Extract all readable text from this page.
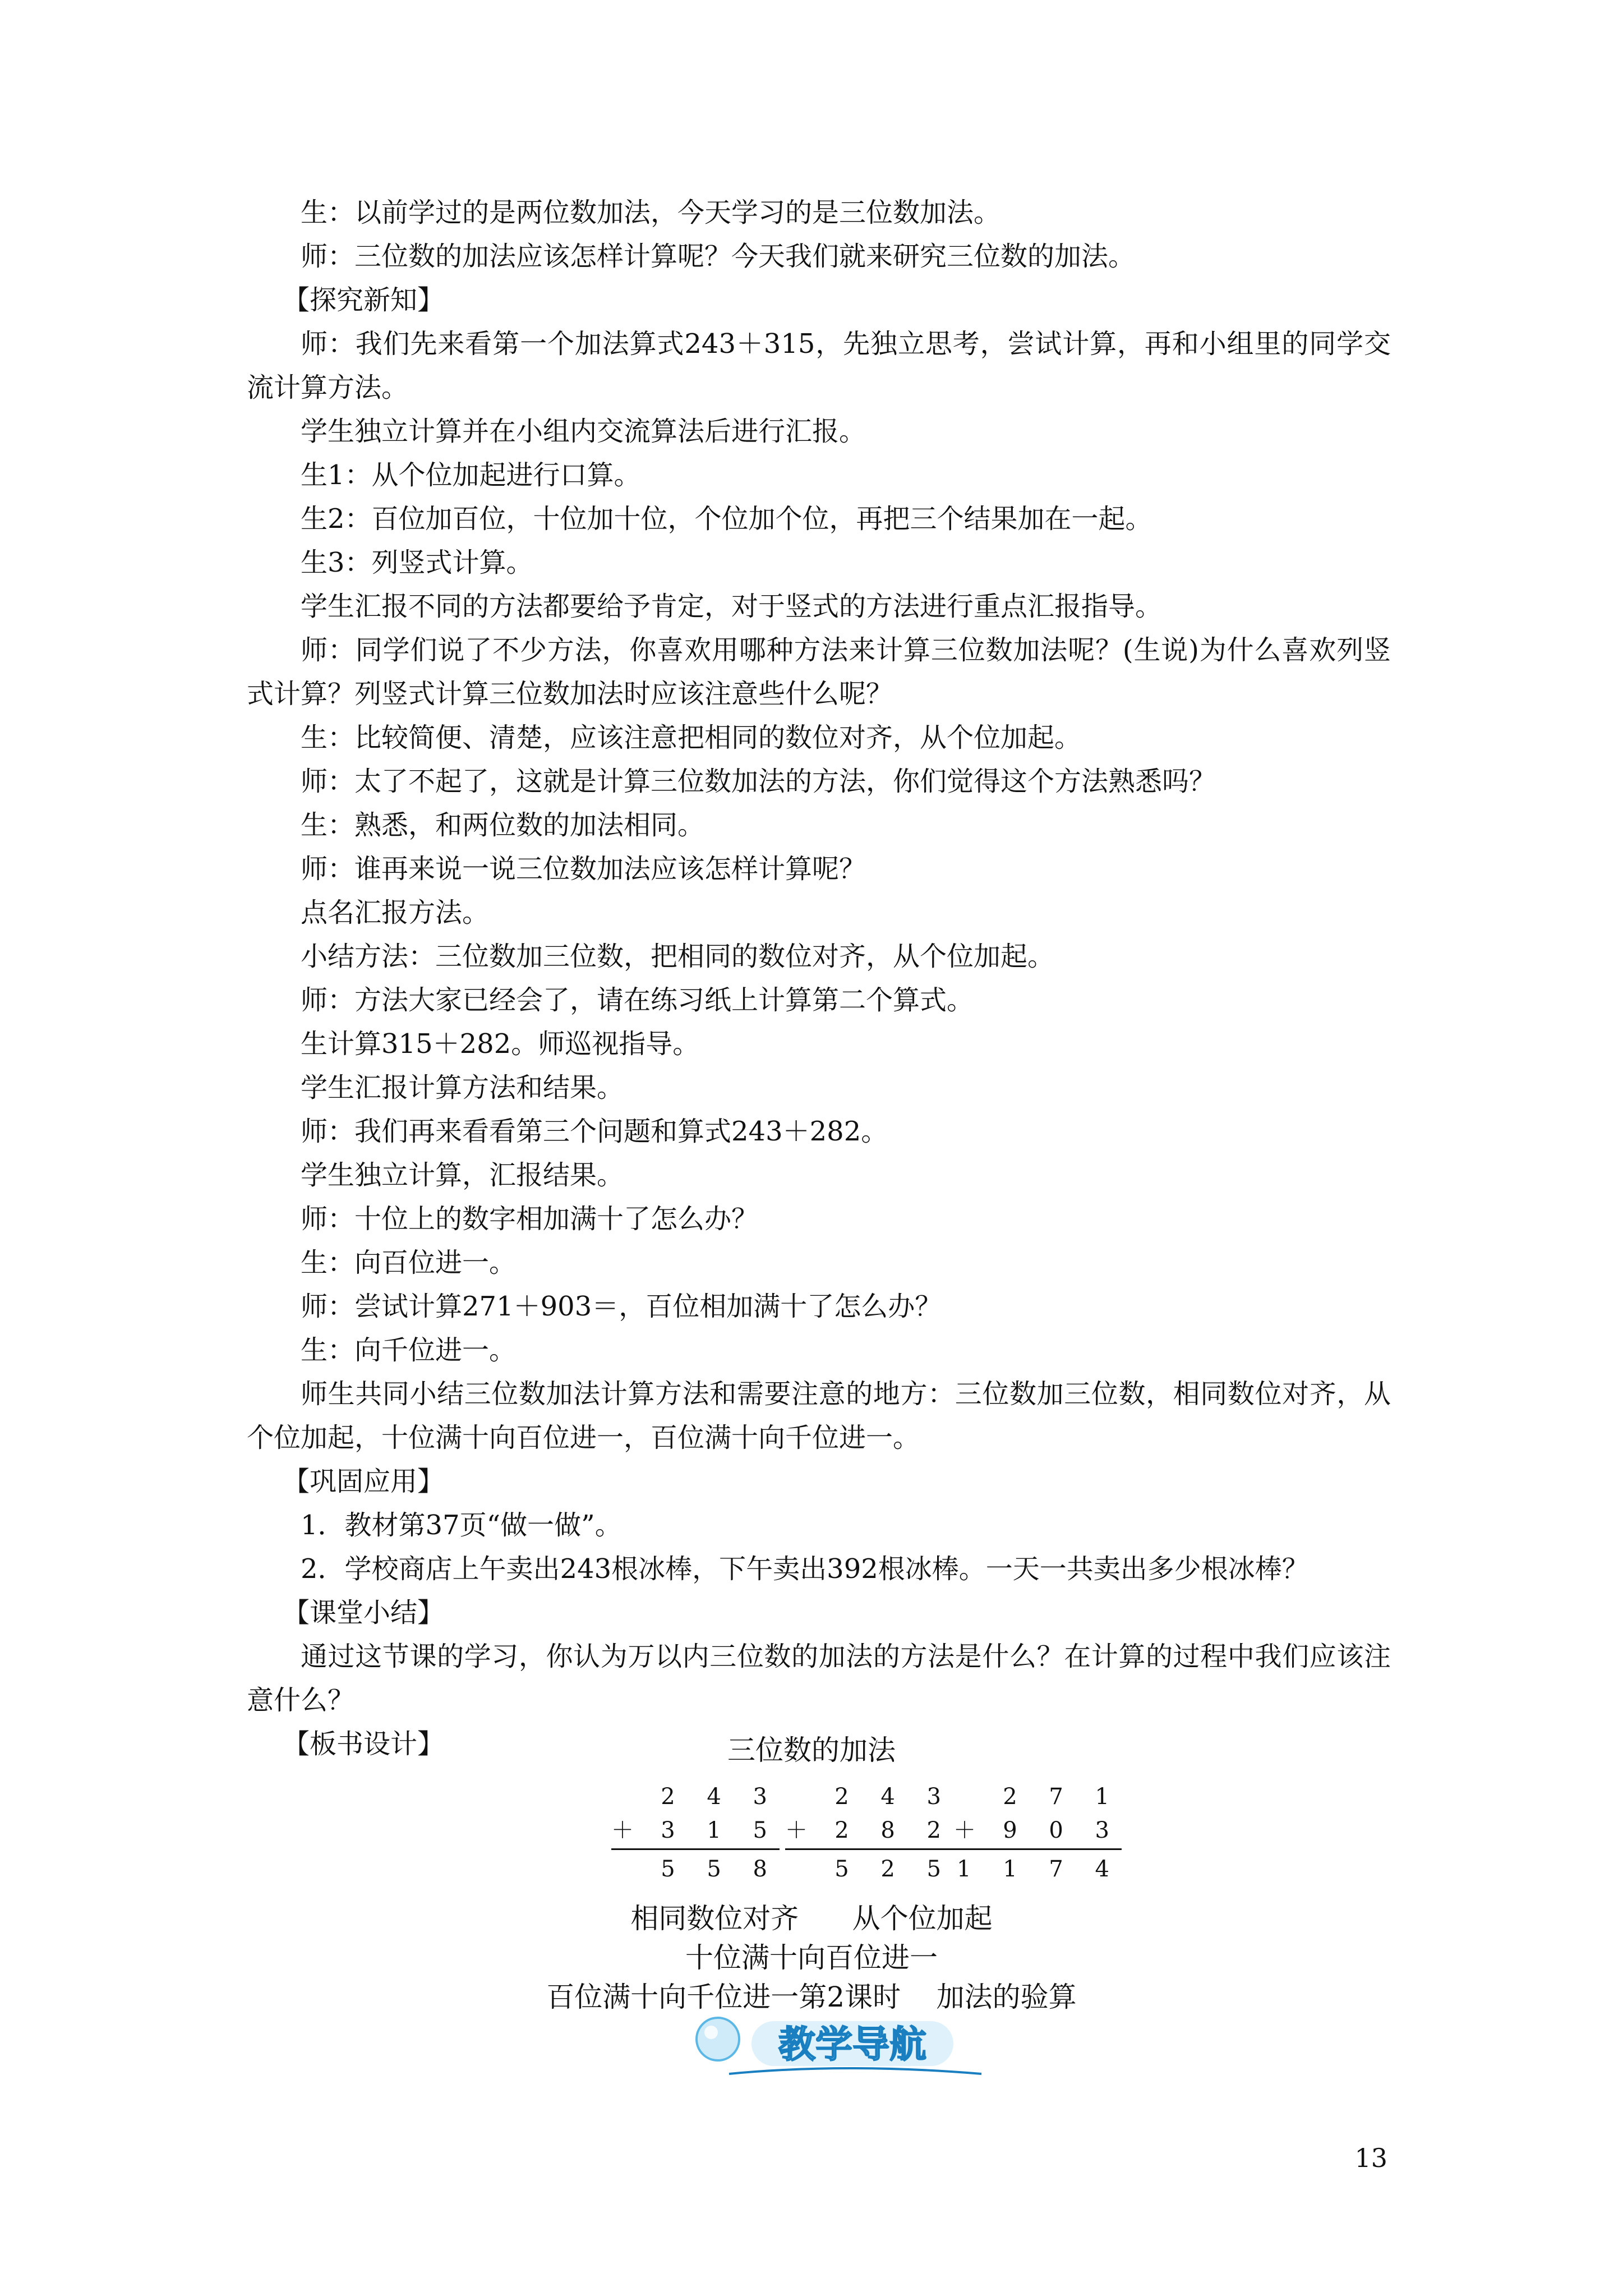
生：以前学过的是两位数加法，今天学习的是三位数加法。

师：三位数的加法应该怎样计算呢？今天我们就来研究三位数的加法。

【探究新知】

师：我们先来看第一个加法算式243＋315，先独立思考，尝试计算，再和小组里的同学交流计算方法。

学生独立计算并在小组内交流算法后进行汇报。

生1：从个位加起进行口算。

生2：百位加百位，十位加十位，个位加个位，再把三个结果加在一起。

生3：列竖式计算。

学生汇报不同的方法都要给予肯定，对于竖式的方法进行重点汇报指导。

师：同学们说了不少方法，你喜欢用哪种方法来计算三位数加法呢？(生说)为什么喜欢列竖式计算？列竖式计算三位数加法时应该注意些什么呢？

生：比较简便、清楚，应该注意把相同的数位对齐，从个位加起。

师：太了不起了，这就是计算三位数加法的方法，你们觉得这个方法熟悉吗？

生：熟悉，和两位数的加法相同。

师：谁再来说一说三位数加法应该怎样计算呢？

点名汇报方法。

小结方法：三位数加三位数，把相同的数位对齐，从个位加起。

师：方法大家已经会了，请在练习纸上计算第二个算式。

生计算315＋282。师巡视指导。

学生汇报计算方法和结果。

师：我们再来看看第三个问题和算式243＋282。

学生独立计算，汇报结果。

师：十位上的数字相加满十了怎么办？

生：向百位进一。

师：尝试计算271＋903＝，百位相加满十了怎么办？

生：向千位进一。

师生共同小结三位数加法计算方法和需要注意的地方：三位数加三位数，相同数位对齐，从个位加起，十位满十向百位进一，百位满十向千位进一。

【巩固应用】

1．教材第37页“做一做”。

2．学校商店上午卖出243根冰棒，下午卖出392根冰棒。一天一共卖出多少根冰棒？

【课堂小结】

通过这节课的学习，你认为万以内三位数的加法的方法是什么？在计算的过程中我们应该注意什么？

【板书设计】	三位数的加法
2 4 3
＋ 3 1 5
5 5 8
2 4 3
＋ 2 8 2
5 2 5
2 7 1
＋ 9 0 3
1 1 7 4
相同数位对齐      从个位加起
十位满十向百位进一
百位满十向千位进一第2课时    加法的验算
教学导航
13
